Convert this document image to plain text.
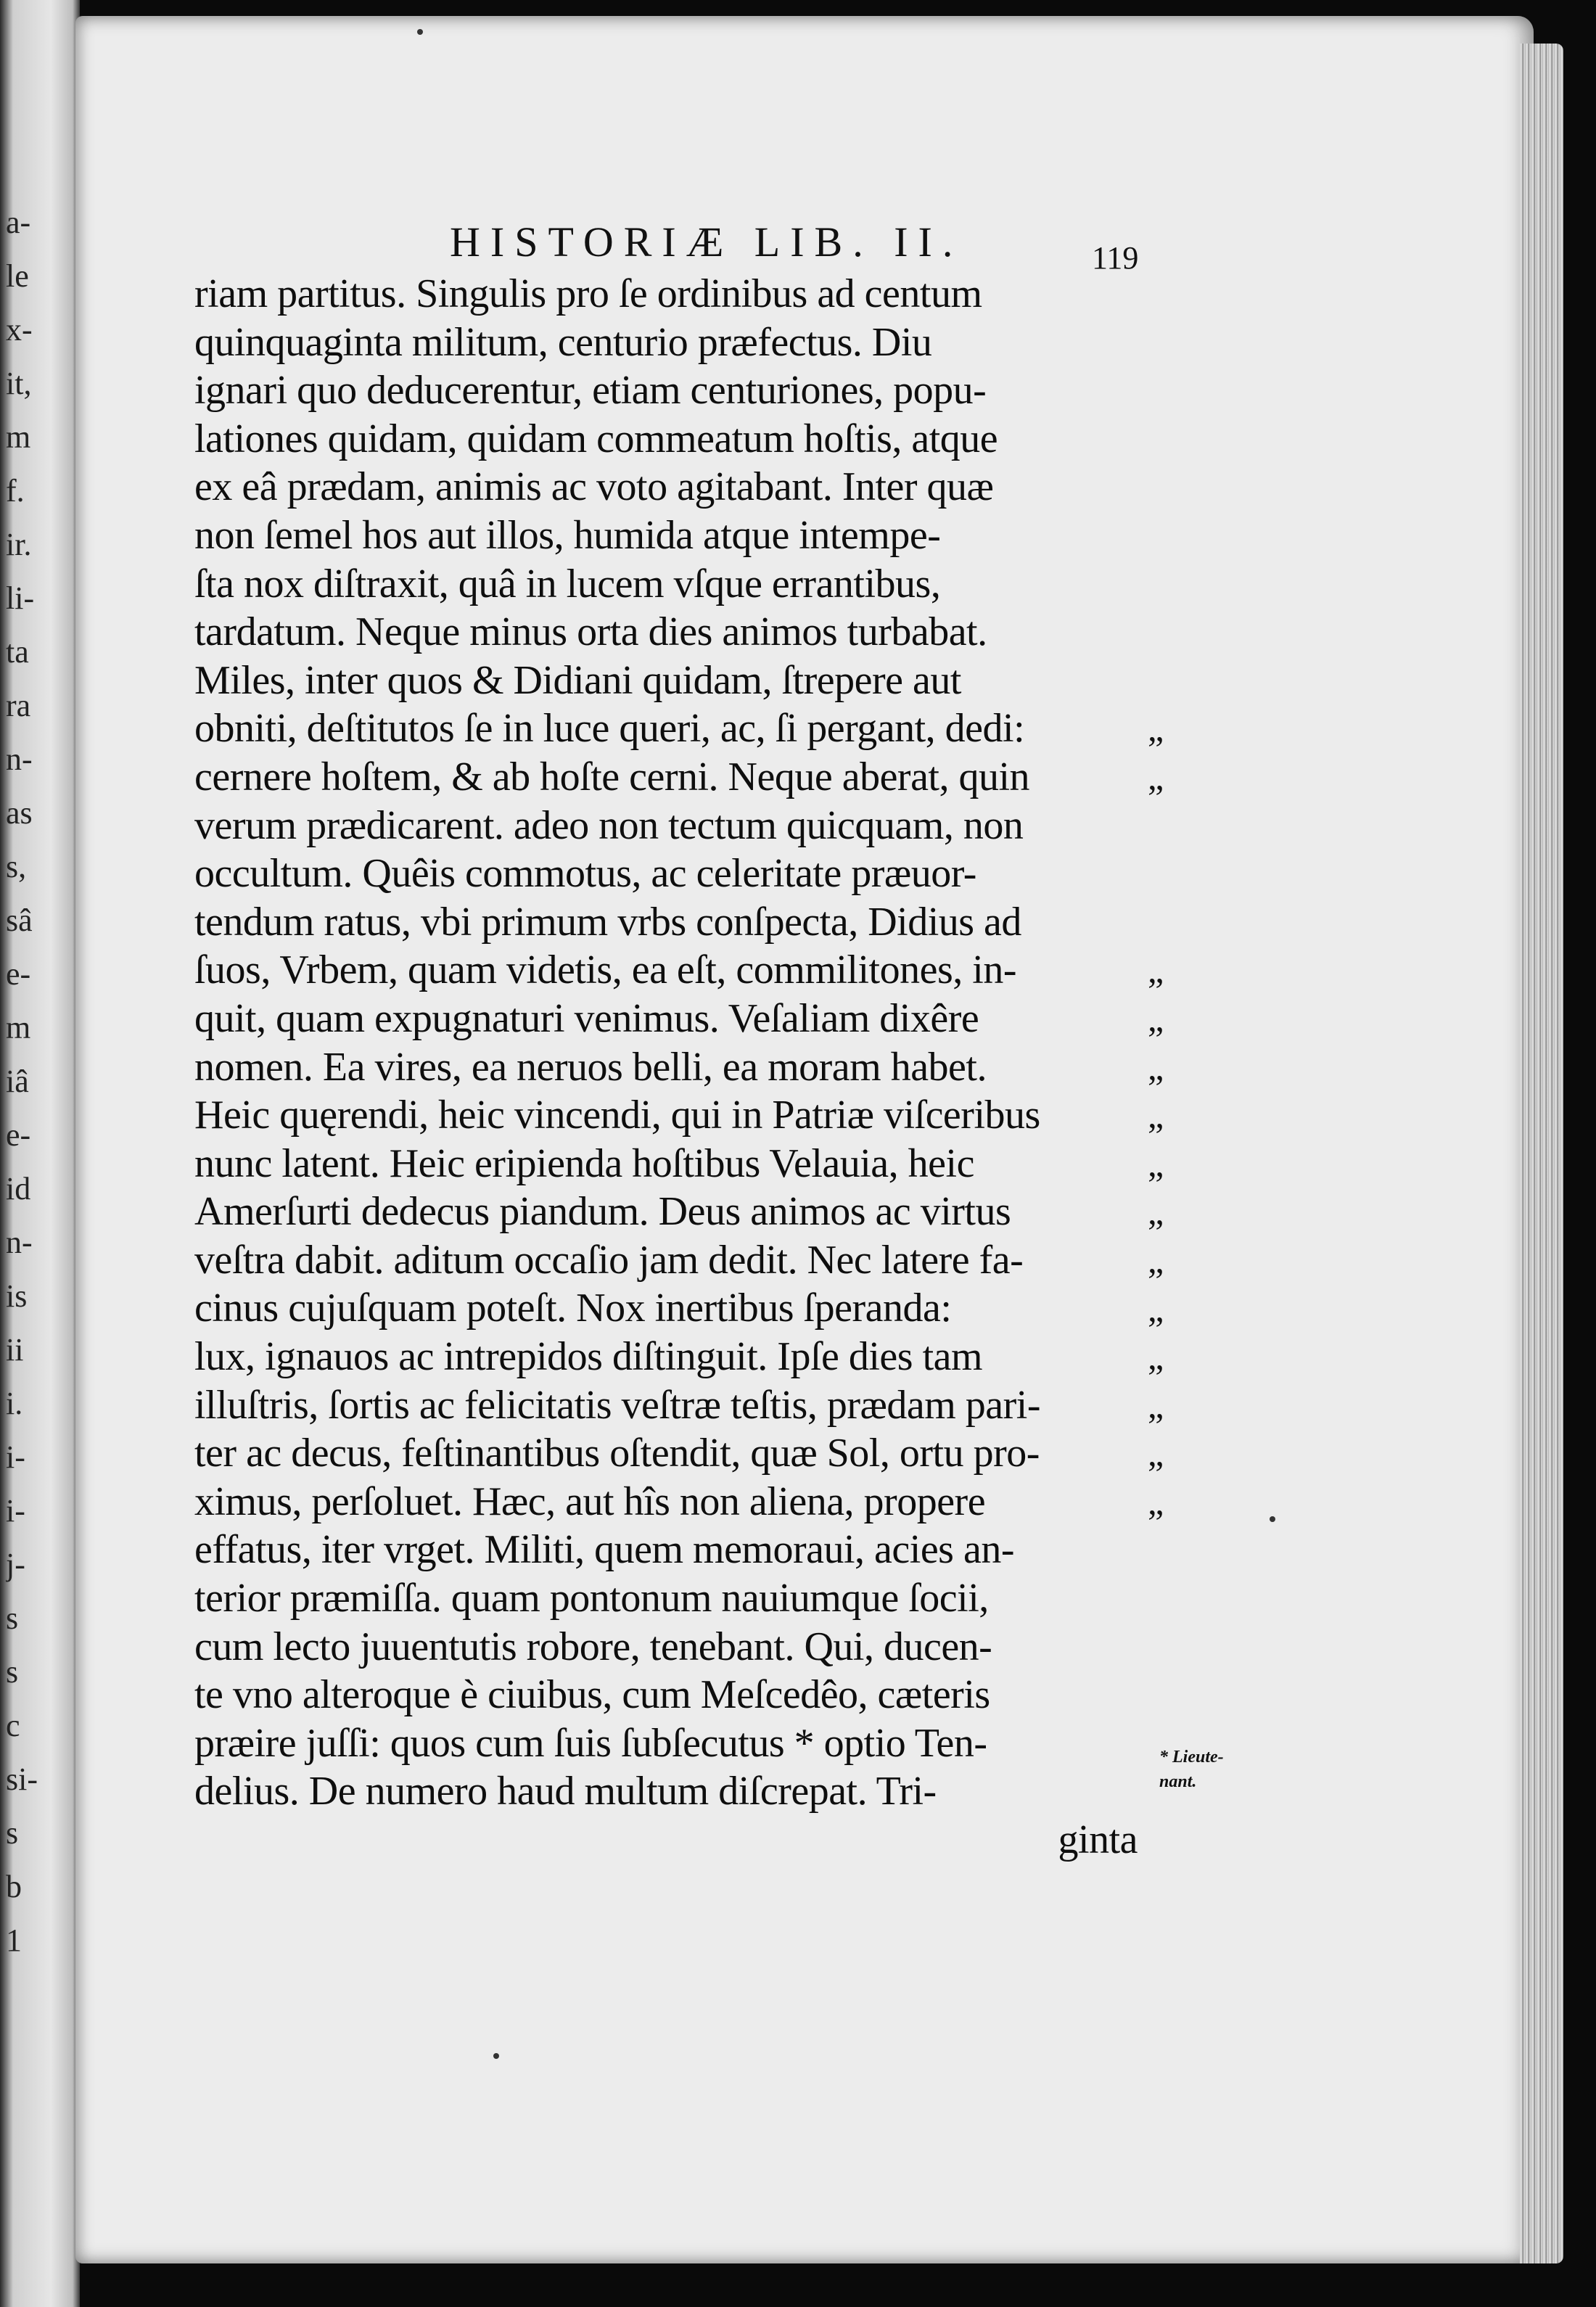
a-
le
x-
it,
m
f.
ir.
li-
ta
ra
n-
as
s,
sâ
e-
m
iâ
e-
id
n-
is
ii
i.
i-
i-
j-
s
s
c
si-
s
b
1
HISTORIÆ LIB. II.	119
riam partitus. Singulis pro ſe ordinibus ad centum
quinquaginta militum, centurio præfectus. Diu
ignari quo deducerentur, etiam centuriones, popu-
lationes quidam, quidam commeatum hoſtis, atque
ex eâ prædam, animis ac voto agitabant. Inter quæ
non ſemel hos aut illos, humida atque intempe-
ſta nox diſtraxit, quâ in lucem vſque errantibus,
tardatum. Neque minus orta dies animos turbabat.
Miles, inter quos & Didiani quidam, ſtrepere aut
obniti, deſtitutos ſe in luce queri, ac, ſi pergant, dedi:
cernere hoſtem, & ab hoſte cerni. Neque aberat, quin
verum prædicarent. adeo non tectum quicquam, non
occultum. Quêis commotus, ac celeritate præuor-
tendum ratus, vbi primum vrbs conſpecta, Didius ad
ſuos, Vrbem, quam videtis, ea eſt, commilitones, in-
quit, quam expugnaturi venimus. Veſaliam dixêre
nomen. Ea vires, ea neruos belli, ea moram habet.
Heic quęrendi, heic vincendi, qui in Patriæ viſceribus
nunc latent. Heic eripienda hoſtibus Velauia, heic
Amerſurti dedecus piandum. Deus animos ac virtus
veſtra dabit. aditum occaſio jam dedit. Nec latere fa-
cinus cujuſquam poteſt. Nox inertibus ſperanda:
lux, ignauos ac intrepidos diſtinguit. Ipſe dies tam
illuſtris, ſortis ac felicitatis veſtræ teſtis, prædam pari-
ter ac decus, feſtinantibus oſtendit, quæ Sol, ortu pro-
ximus, perſoluet. Hæc, aut hîs non aliena, propere
effatus, iter vrget. Militi, quem memoraui, acies an-
terior præmiſſa. quam pontonum nauiumque ſocii,
cum lecto juuentutis robore, tenebant. Qui, ducen-
te vno alteroque è ciuibus, cum Meſcedêo, cæteris
præire juſſi: quos cum ſuis ſubſecutus * optio Ten-
delius. De numero haud multum diſcrepat. Tri-
ginta
„
„
„
„
„
„
„
„
„
„
„
„
„
„
* Lieute-
nant.
